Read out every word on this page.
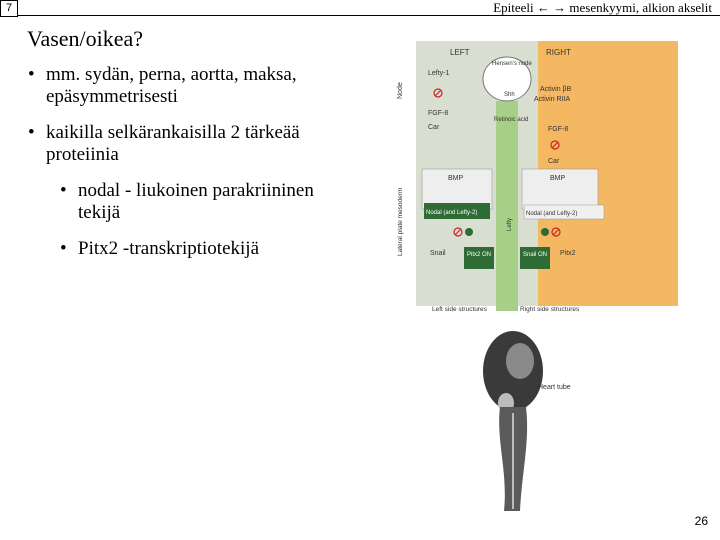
7	Epiteeli ← → mesenkyymi, alkion akselit
Vasen/oikea?
• mm. sydän, perna, aortta, maksa, epäsymmetrisesti
• kaikilla selkärankaisilla 2 tärkeää proteiinia
• nodal - liukoinen parakriininen tekijä
• Pitx2 -transkriptiotekijä
LEFT	RIGHT
Node
Lateral plate mesoderm
Hensen's node
Shh
Retinoic acid
Lefty-1
FGF-8
Car
Activin βB
Activin RIIA
FGF-8
Car
BMP	BMP
Nodal (and Lefty-2)	Nodal (and Lefty-2)
Lefty
Snail	Pitx2 ON	Snail ON Pitx2
Left side structures	Right side structures
Heart tube
26
